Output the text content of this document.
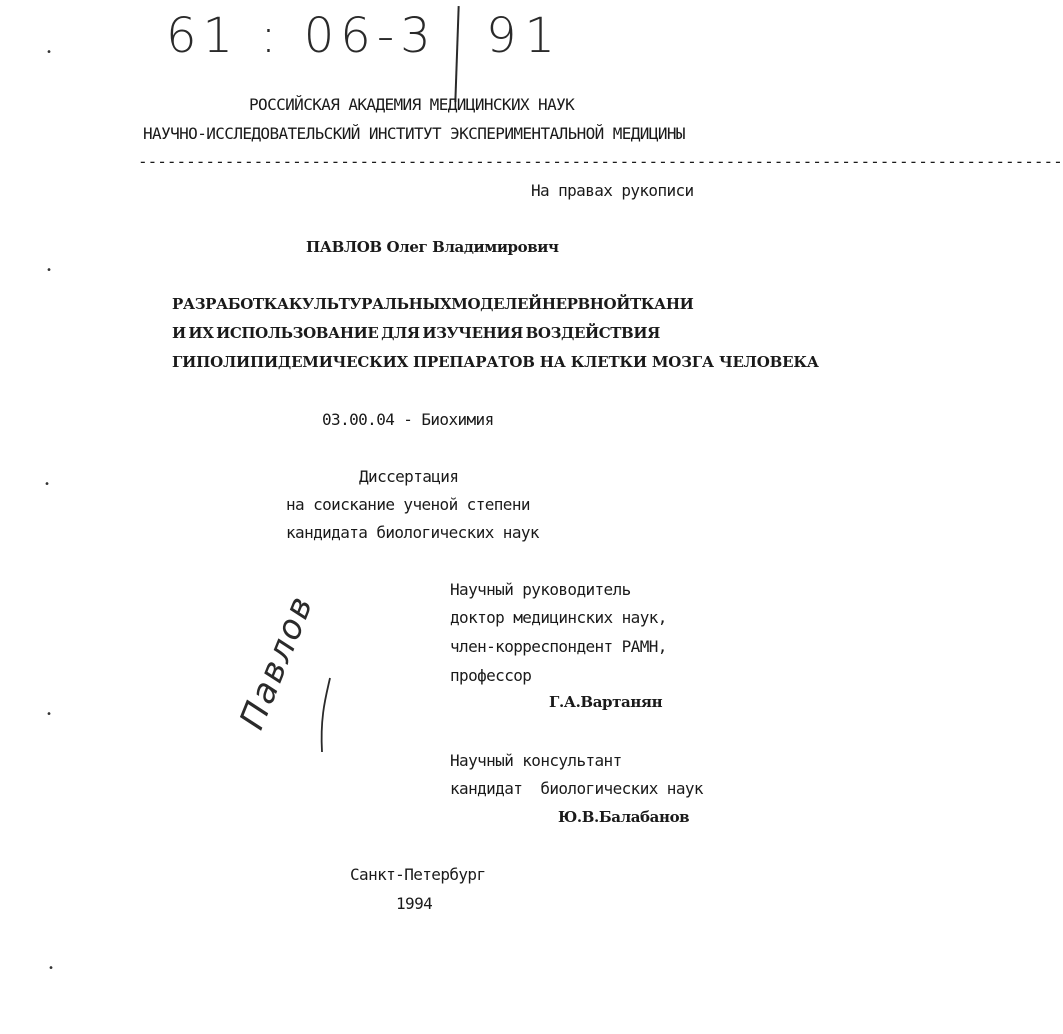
61 : 06-3 91
•
•
•
•
•
РОССИЙСКАЯ АКАДЕМИЯ МЕДИЦИНСКИХ НАУК
НАУЧНО-ИССЛЕДОВАТЕЛЬСКИЙ ИНСТИТУТ ЭКСПЕРИМЕНТАЛЬНОЙ МЕДИЦИНЫ
------------------------------------------------------------------------------------------------
На правах рукописи
ПАВЛОВ Олег Владимирович
РАЗРАБОТКА КУЛЬТУРАЛЬНЫХ МОДЕЛЕЙ НЕРВНОЙ ТКАНИ
И ИХ ИСПОЛЬЗОВАНИЕ ДЛЯ ИЗУЧЕНИЯ ВОЗДЕЙСТВИЯ
ГИПОЛИПИДЕМИЧЕСКИХ ПРЕПАРАТОВ НА КЛЕТКИ МОЗГА ЧЕЛОВЕКА
03.00.04 - Биохимия
Диссертация
на соискание ученой степени
кандидата биологических наук
Научный руководитель
доктор медицинских наук,
член-корреспондент РАМН,
профессор
Г.А.Вартанян
Павлов
Научный консультант
кандидат  биологических наук
Ю.В.Балабанов
Санкт-Петербург
1994
